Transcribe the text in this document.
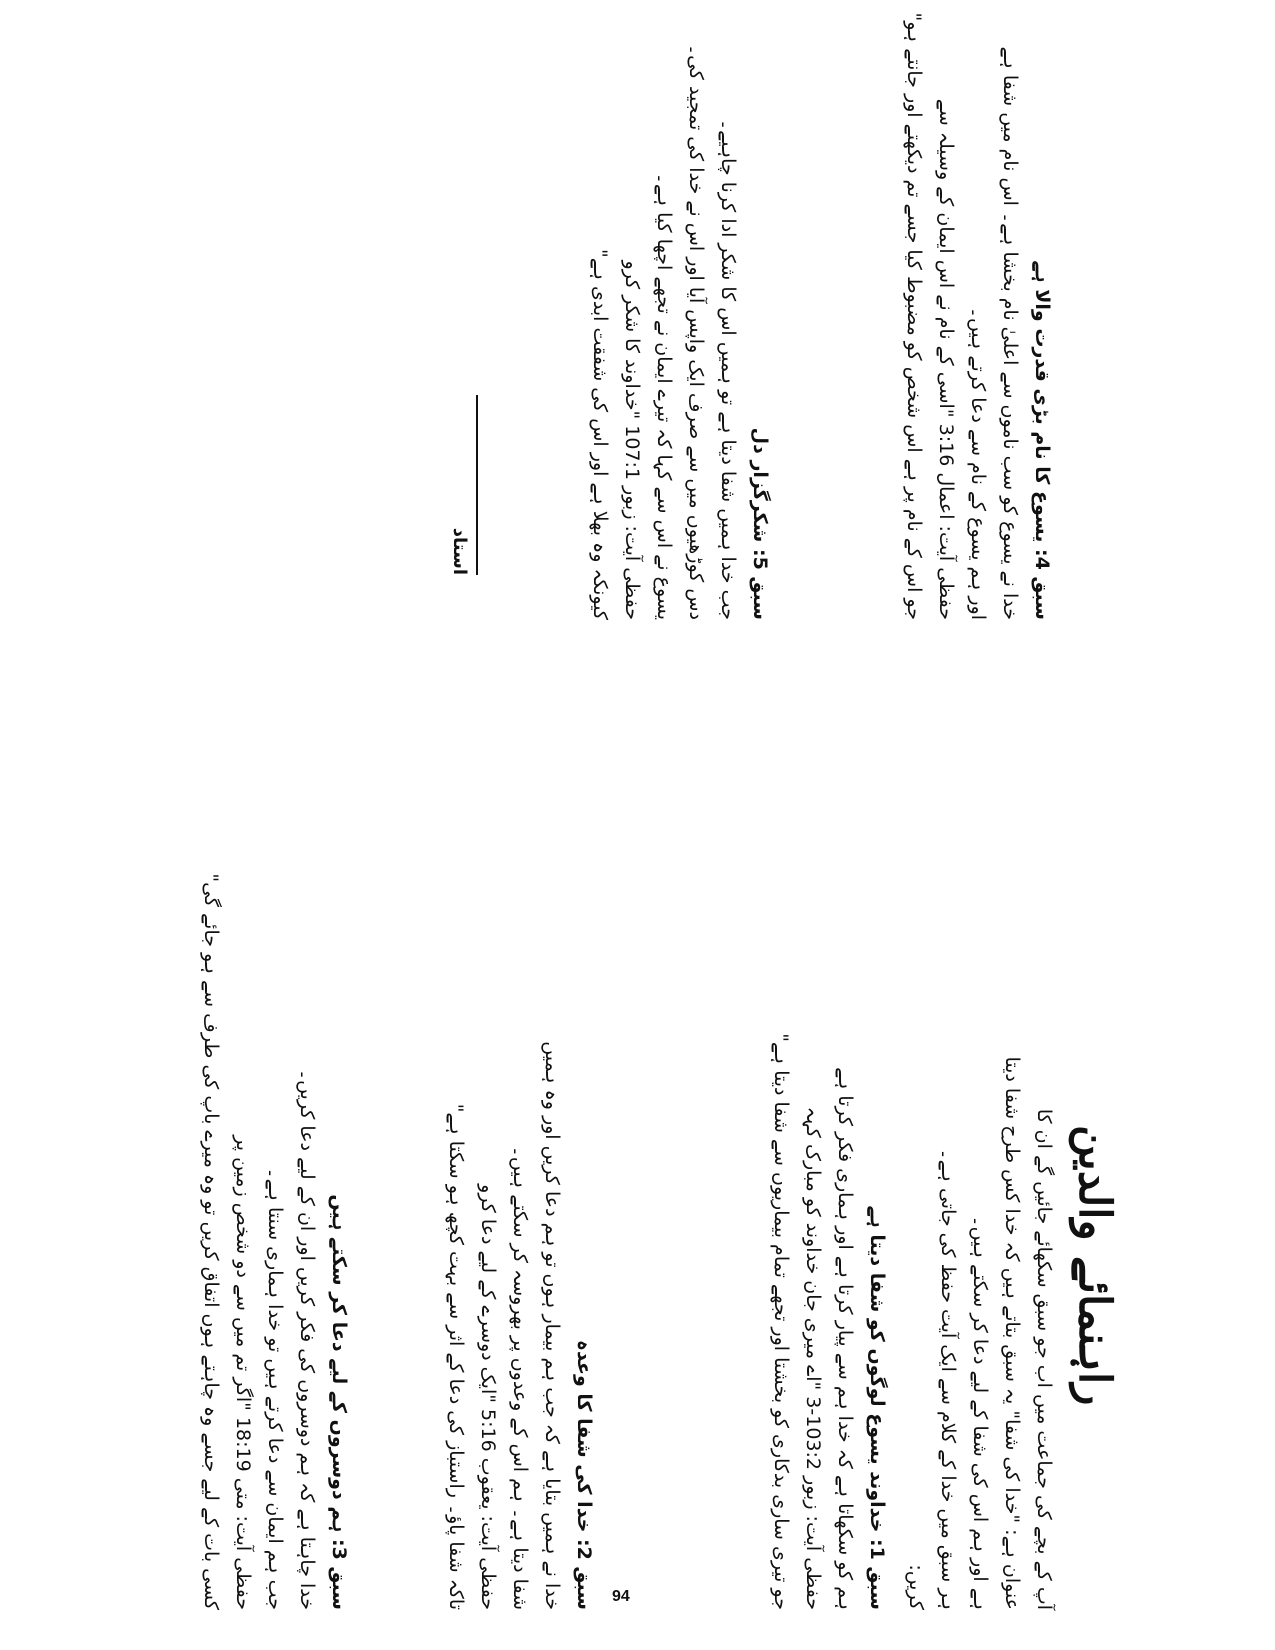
راہنمائے والدین

آپ کے بچے کی جماعت میں اب جو سبق سکھائے جائیں گے ان کا

عنوان ہے: "خدا کی شفا" یہ سبق بتاتے ہیں کہ خدا کس طرح شفا دیتا

ہے اور ہم اس کی شفا کے لیے دعا کر سکتے ہیں۔

ہر سبق میں خدا کے کلام سے ایک آیت حفظ کی جاتی ہے۔

کریں:

سبق 1: خداوند یسوع لوگوں کو شفا دیتا ہے

ہم کو سکھاتا ہے کہ خدا ہم سے پیار کرتا ہے اور ہماری فکر کرتا ہے

حفظی آیت: زبور 103:2-3 "اے میری جان خداوند کو مبارک کہہ

جو تیری ساری بدکاری کو بخشتا اور تجھے تمام بیماریوں سے شفا دیتا ہے"

سبق 2: خدا کی شفا کا وعدہ

خدا نے ہمیں بتایا ہے کہ جب ہم بیمار ہوں تو ہم دعا کریں اور وہ ہمیں

شفا دیتا ہے۔ ہم اس کے وعدوں پر بھروسہ کر سکتے ہیں۔

حفظی آیت: یعقوب 5:16 "ایک دوسرے کے لیے دعا کرو

تاکہ شفا پاؤ۔ راستباز کی دعا کے اثر سے بہت کچھ ہو سکتا ہے"

سبق 3: ہم دوسروں کے لیے دعا کر سکتے ہیں

خدا چاہتا ہے کہ ہم دوسروں کی فکر کریں اور ان کے لیے دعا کریں۔

جب ہم ایمان سے دعا کرتے ہیں تو خدا ہماری سنتا ہے۔

حفظی آیت: متی 18:19 "اگر تم میں سے دو شخص زمین پر

کسی بات کے لیے جسے وہ چاہتے ہوں اتفاق کریں تو وہ میرے باپ کی طرف سے ہو جائے گی"

سبق 4: یسوع کا نام بڑی قدرت والا ہے

خدا نے یسوع کو سب ناموں سے اعلیٰ نام بخشا ہے۔ اس نام میں شفا ہے

اور ہم یسوع کے نام سے دعا کرتے ہیں۔

حفظی آیت: اعمال 3:16 "اسی کے نام نے اس ایمان کے وسیلہ سے

جو اس کے نام پر ہے اس شخص کو مضبوط کیا جسے تم دیکھتے اور جانتے ہو"

سبق 5: شکرگزار دل

جب خدا ہمیں شفا دیتا ہے تو ہمیں اس کا شکر ادا کرنا چاہیے۔

دس کوڑھیوں میں سے صرف ایک واپس آیا اور اس نے خدا کی تمجید کی۔

یسوع نے اس سے کہا کہ تیرے ایمان نے تجھے اچھا کیا ہے۔

حفظی آیت: زبور 107:1 "خداوند کا شکر کرو

کیونکہ وہ بھلا ہے اور اس کی شفقت ابدی ہے"

استاد
94
